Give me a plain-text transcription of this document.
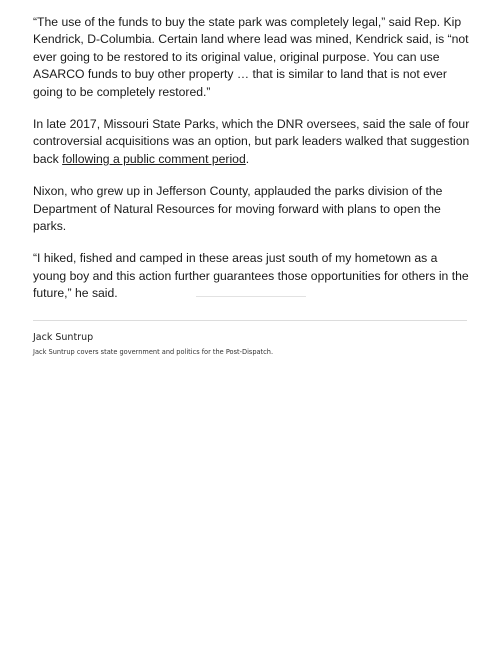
“The use of the funds to buy the state park was completely legal,” said Rep. Kip Kendrick, D-Columbia. Certain land where lead was mined, Kendrick said, is “not ever going to be restored to its original value, original purpose. You can use ASARCO funds to buy other property … that is similar to land that is not ever going to be completely restored.”

In late 2017, Missouri State Parks, which the DNR oversees, said the sale of four controversial acquisitions was an option, but park leaders walked that suggestion back following a public comment period.

Nixon, who grew up in Jefferson County, applauded the parks division of the Department of Natural Resources for moving forward with plans to open the parks.

“I hiked, fished and camped in these areas just south of my hometown as a young boy and this action further guarantees those opportunities for others in the future,” he said.

Jack Suntrup
Jack Suntrup covers state government and politics for the Post-Dispatch.
